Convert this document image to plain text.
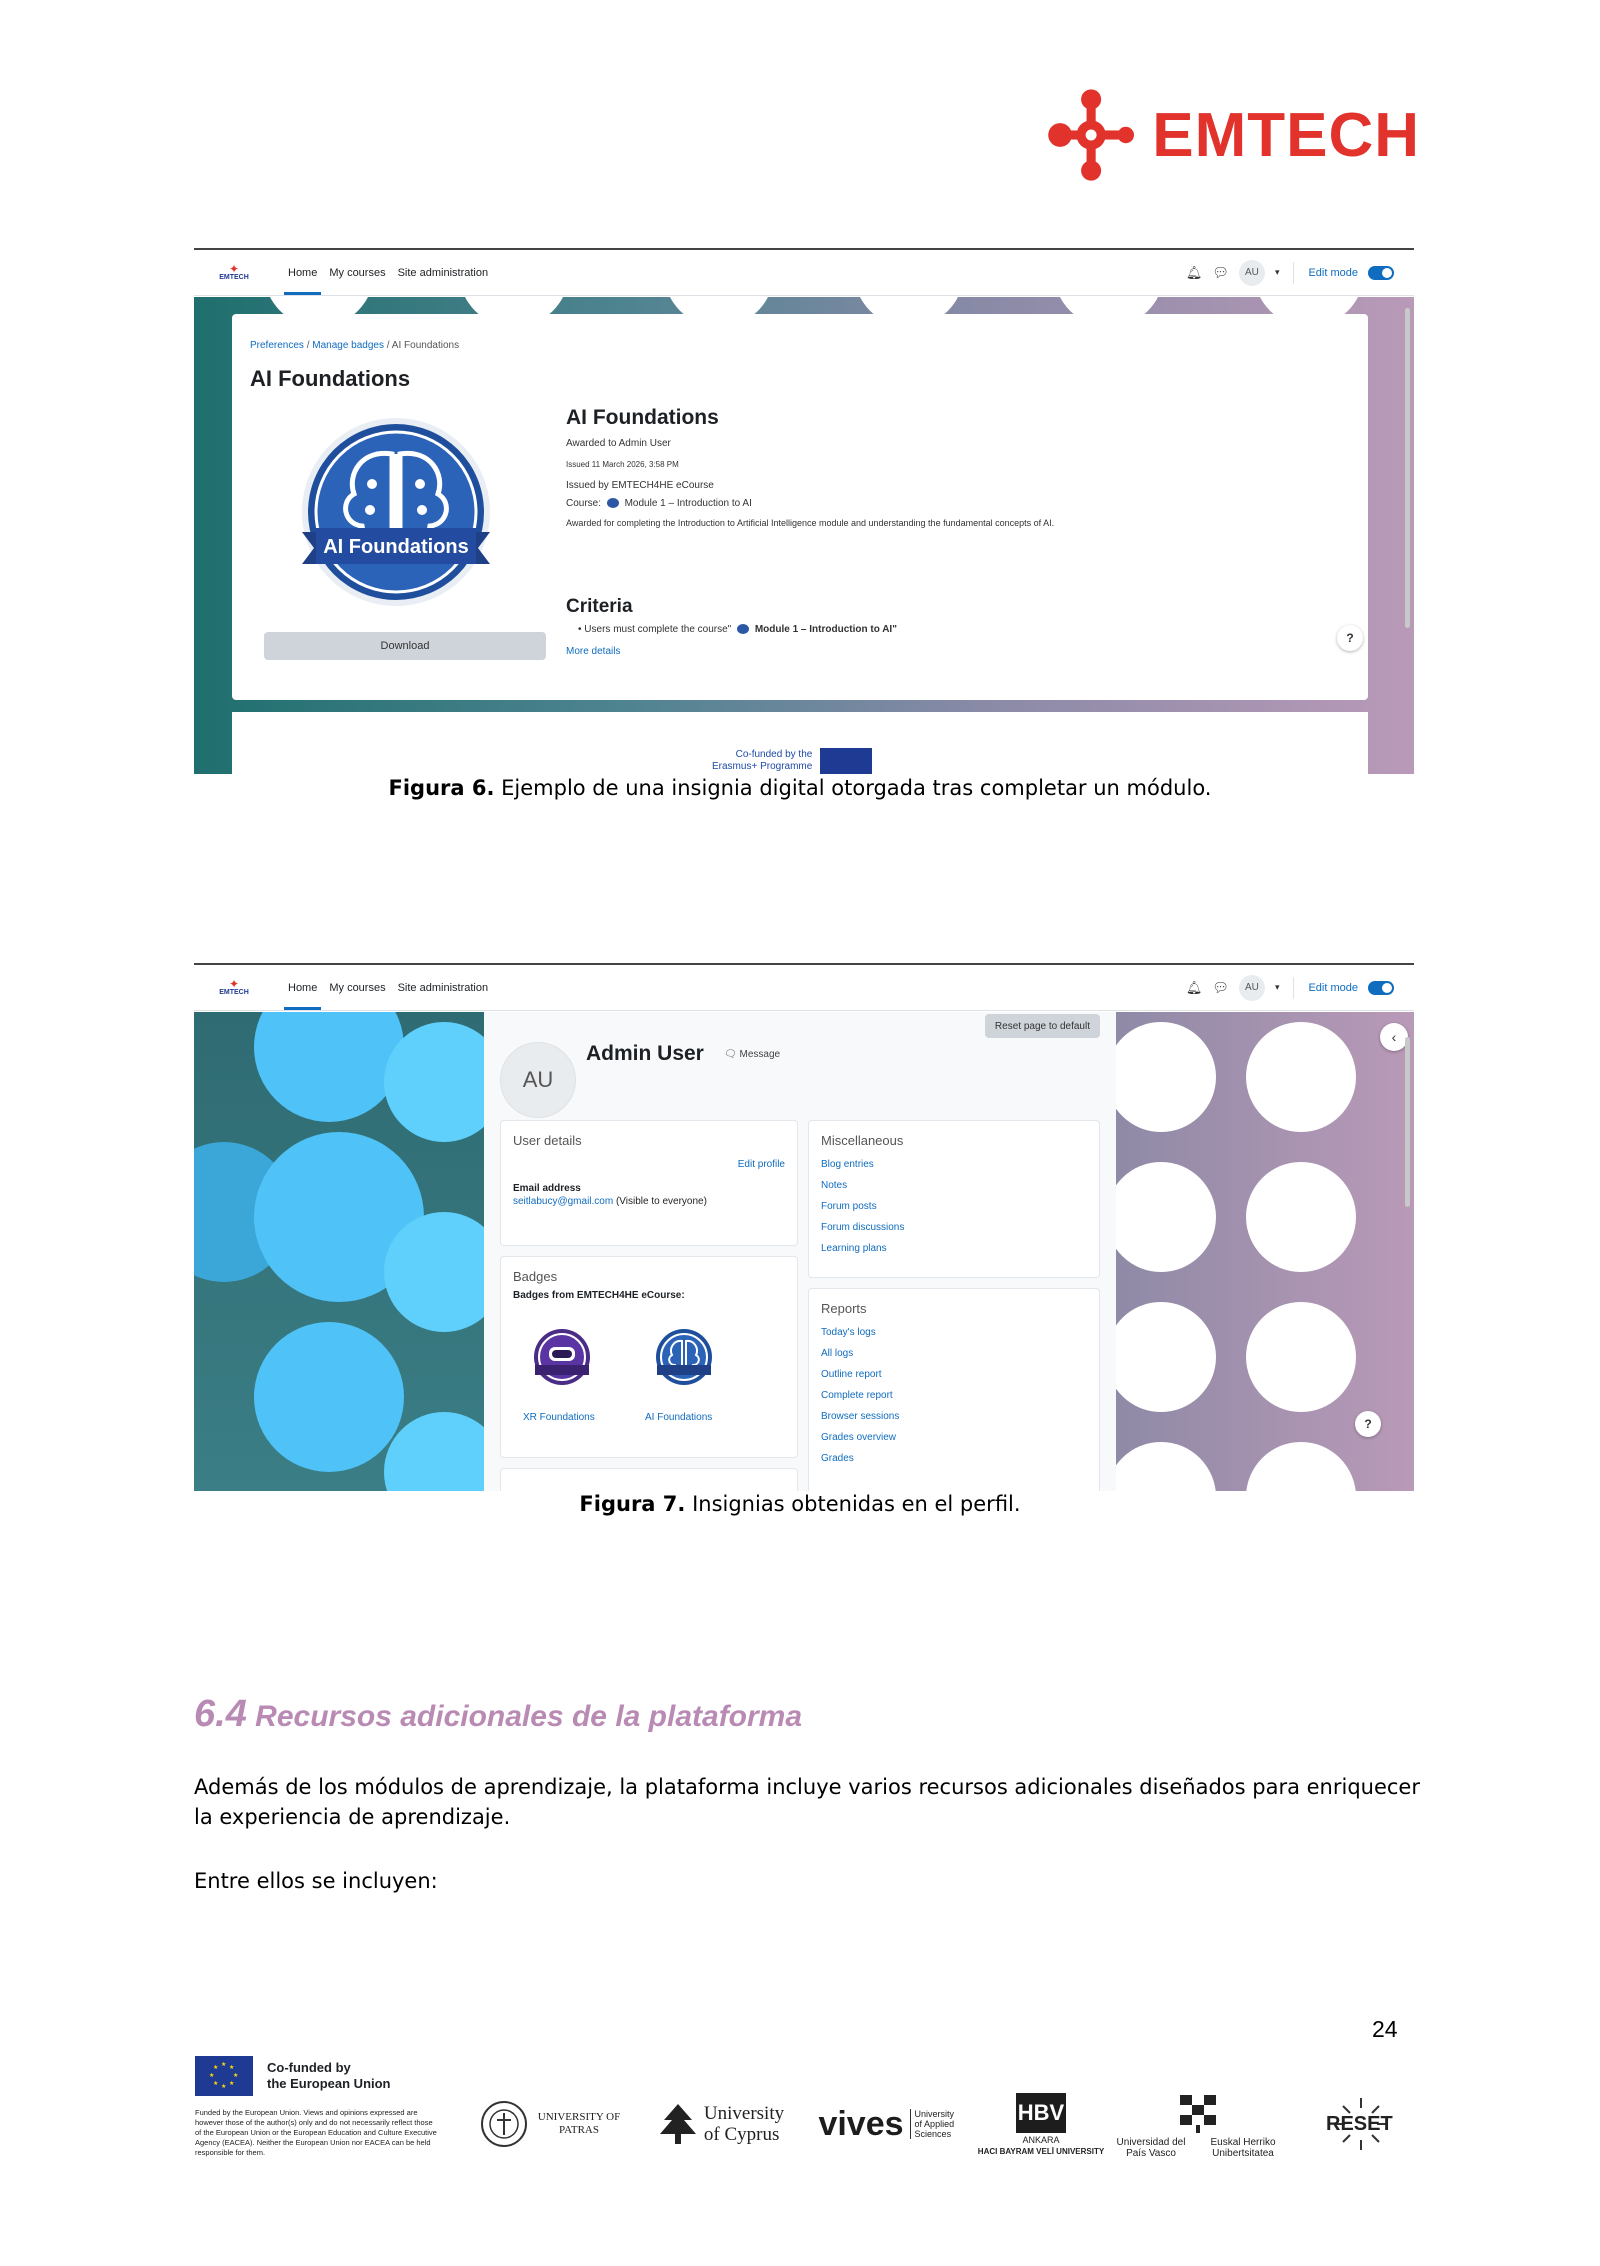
EMTECH
✦
EMTECH	Home My courses Site administration	🔔︎ 💬︎	AU	▾	Edit mode
Preferences / Manage badges / AI Foundations
AI Foundations
AI Foundations
Download
AI Foundations
Awarded to Admin User
Issued 11 March 2026, 3:58 PM
Issued by EMTECH4HE eCourse
Course: Module 1 – Introduction to AI
Awarded for completing the Introduction to Artificial Intelligence module and understanding the fundamental concepts of AI.
Criteria
• Users must complete the course" Module 1 – Introduction to AI"
More details
?
Co-funded by the
Erasmus+ Programme
Figura 6. Ejemplo de una insignia digital otorgada tras completar un módulo.
✦
EMTECH	Home My courses Site administration	🔔︎ 💬︎	AU	▾	Edit mode
Reset page to default
AU
Admin User 🗨︎ Message
User details
Edit profile
Email address
seitlabucy@gmail.com (Visible to everyone)
Badges
Badges from EMTECH4HE eCourse:
XR Foundations	AI Foundations
Miscellaneous
Blog entries
Notes
Forum posts
Forum discussions
Learning plans
Reports
Today's logs
All logs
Outline report
Complete report
Browser sessions
Grades overview
Grades
‹
?
Figura 7. Insignias obtenidas en el perfil.
6.4 Recursos adicionales de la plataforma
Además de los módulos de aprendizaje, la plataforma incluye varios recursos adicionales diseñados para enriquecer la experiencia de aprendizaje.
Entre ellos se incluyen:
24
★ ★
★
★
★
★
★
★	Co-funded by
the European Union
Funded by the European Union. Views and opinions expressed are however those of the author(s) only and do not necessarily reflect those of the European Union or the European Education and Culture Executive Agency (EACEA). Neither the European Union nor EACEA can be held responsible for them.
UNIVERSITY OF PATRAS
University
of Cyprus vives	University of Applied Sciences
HBV
ANKARA
HACI BAYRAM VELİ UNIVERSITY
Universidad del País Vasco
Euskal Herriko Unibertsitatea
RESET
